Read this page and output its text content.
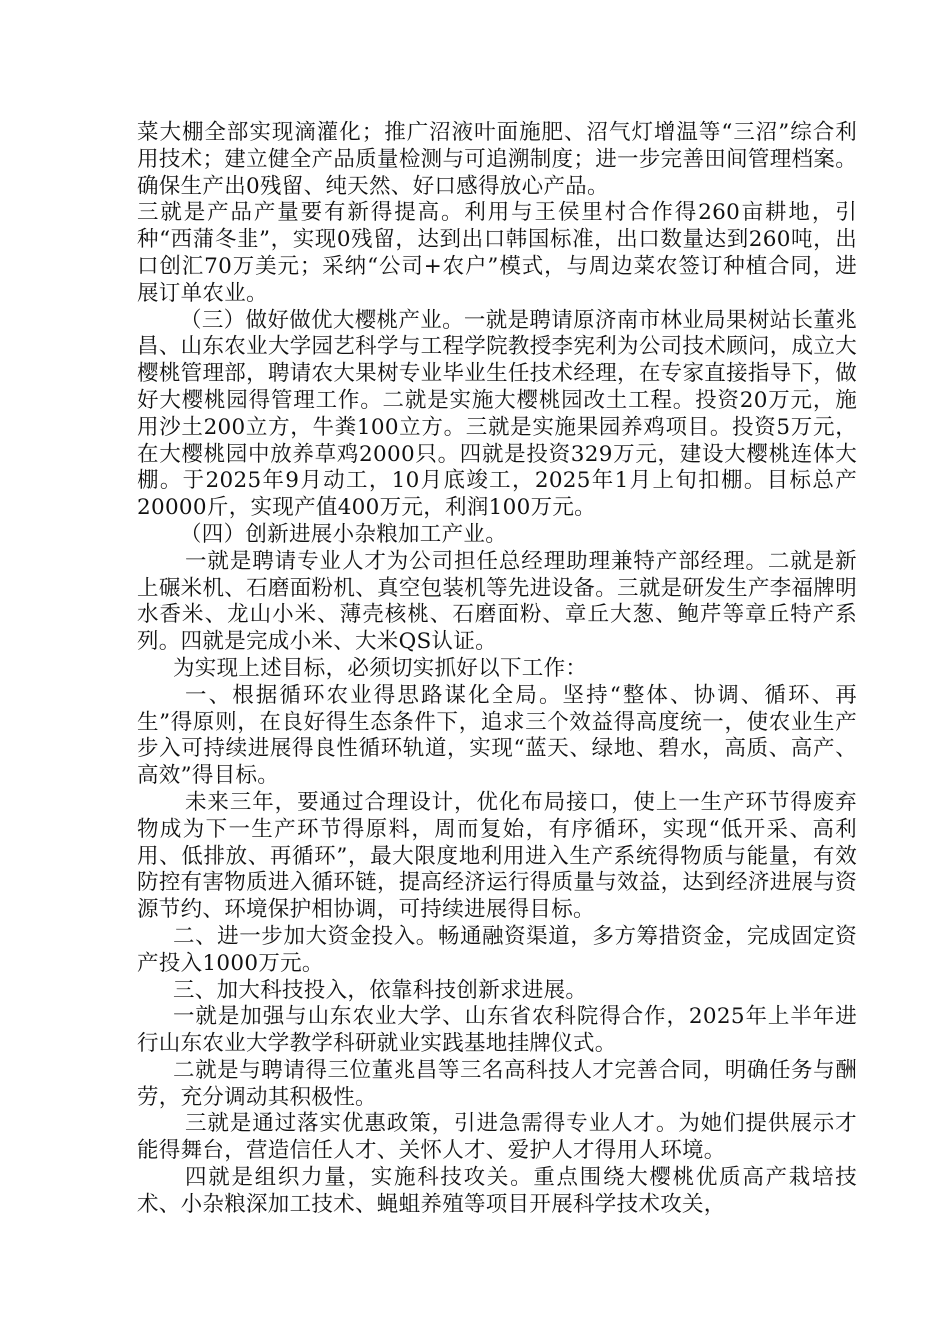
菜大棚全部实现滴灌化；推广沼液叶面施肥、沼气灯增温等“三沼”综合利用技术；建立健全产品质量检测与可追溯制度；进一步完善田间管理档案。确保生产出0残留、纯天然、好口感得放心产品。

三就是产品产量要有新得提高。利用与王侯里村合作得260亩耕地，引种“西蒲冬韭”，实现0残留，达到出口韩国标准，出口数量达到260吨，出口创汇70万美元；采纳“公司+农户”模式，与周边菜农签订种植合同，进展订单农业。

（三）做好做优大樱桃产业。一就是聘请原济南市林业局果树站长董兆昌、山东农业大学园艺科学与工程学院教授李宪利为公司技术顾问，成立大樱桃管理部，聘请农大果树专业毕业生任技术经理，在专家直接指导下，做好大樱桃园得管理工作。二就是实施大樱桃园改土工程。投资20万元，施用沙土200立方，牛粪100立方。三就是实施果园养鸡项目。投资5万元，在大樱桃园中放养草鸡2000只。四就是投资329万元，建设大樱桃连体大棚。于2025年9月动工，10月底竣工，2025年1月上旬扣棚。目标总产20000斤，实现产值400万元，利润100万元。

（四）创新进展小杂粮加工产业。

一就是聘请专业人才为公司担任总经理助理兼特产部经理。二就是新上碾米机、石磨面粉机、真空包装机等先进设备。三就是研发生产李福牌明水香米、龙山小米、薄壳核桃、石磨面粉、章丘大葱、鲍芹等章丘特产系列。四就是完成小米、大米QS认证。

为实现上述目标，必须切实抓好以下工作：

一、根据循环农业得思路谋化全局。坚持“整体、协调、循环、再生”得原则，在良好得生态条件下，追求三个效益得高度统一，使农业生产步入可持续进展得良性循环轨道，实现“蓝天、绿地、碧水，高质、高产、高效”得目标。

未来三年，要通过合理设计，优化布局接口，使上一生产环节得废弃物成为下一生产环节得原料，周而复始，有序循环，实现“低开采、高利用、低排放、再循环”，最大限度地利用进入生产系统得物质与能量，有效防控有害物质进入循环链，提高经济运行得质量与效益，达到经济进展与资源节约、环境保护相协调，可持续进展得目标。

二、进一步加大资金投入。畅通融资渠道，多方筹措资金，完成固定资产投入1000万元。

三、加大科技投入，依靠科技创新求进展。

一就是加强与山东农业大学、山东省农科院得合作，2025年上半年进行山东农业大学教学科研就业实践基地挂牌仪式。

二就是与聘请得三位董兆昌等三名高科技人才完善合同，明确任务与酬劳，充分调动其积极性。

三就是通过落实优惠政策，引进急需得专业人才。为她们提供展示才能得舞台，营造信任人才、关怀人才、爱护人才得用人环境。

四就是组织力量，实施科技攻关。重点围绕大樱桃优质高产栽培技术、小杂粮深加工技术、蝇蛆养殖等项目开展科学技术攻关，
